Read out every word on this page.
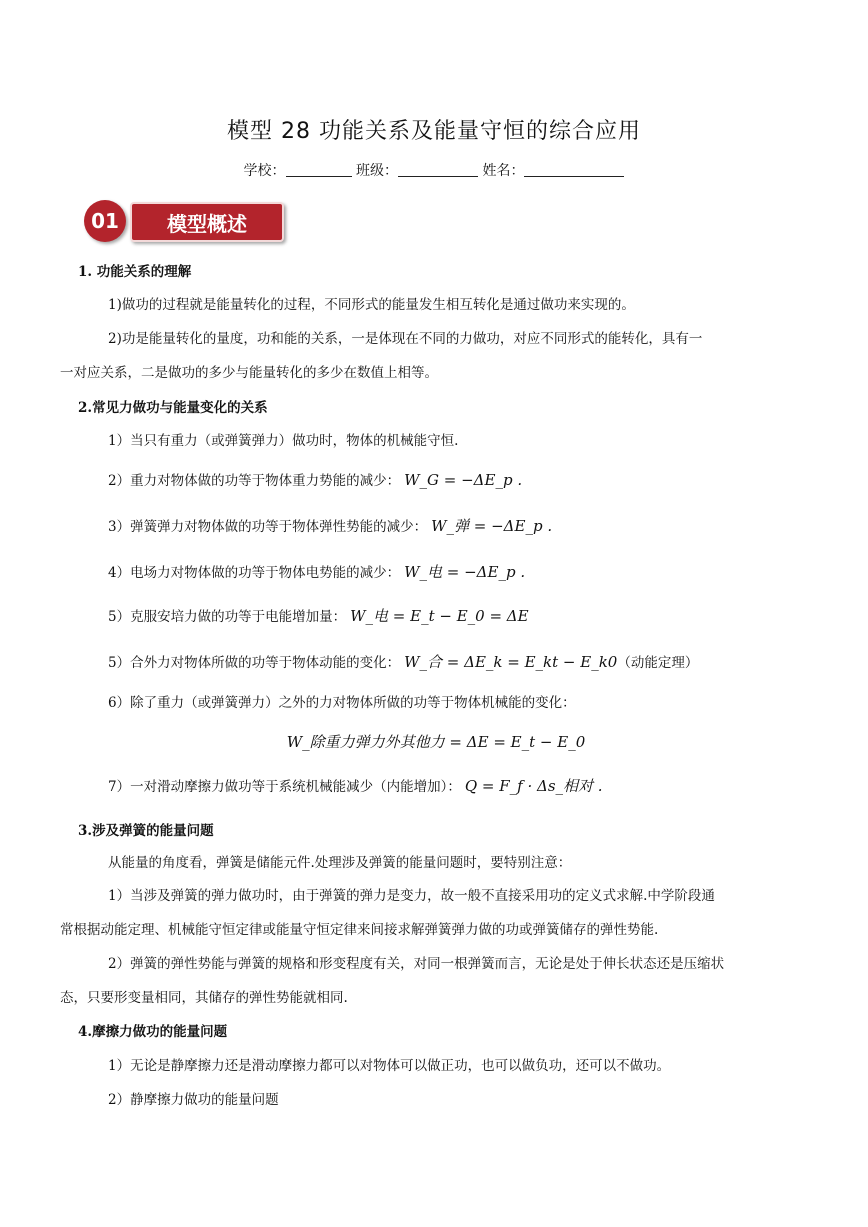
模型 28 功能关系及能量守恒的综合应用
学校：	班级：	姓名：
01	模型概述
1. 功能关系的理解
1)做功的过程就是能量转化的过程，不同形式的能量发生相互转化是通过做功来实现的。
2)功是能量转化的量度，功和能的关系，一是体现在不同的力做功，对应不同形式的能转化，具有一
一对应关系，二是做功的多少与能量转化的多少在数值上相等。
2.常见力做功与能量变化的关系
1）当只有重力（或弹簧弹力）做功时，物体的机械能守恒.
2）重力对物体做的功等于物体重力势能的减少： W_G = −ΔE_p .
3）弹簧弹力对物体做的功等于物体弹性势能的减少： W_弹 = −ΔE_p .
4）电场力对物体做的功等于物体电势能的减少： W_电 = −ΔE_p .
5）克服安培力做的功等于电能增加量： W_电 = E_t − E_0 = ΔE
5）合外力对物体所做的功等于物体动能的变化： W_合 = ΔE_k = E_kt − E_k0（动能定理）
6）除了重力（或弹簧弹力）之外的力对物体所做的功等于物体机械能的变化：
W_除重力弹力外其他力 = ΔE = E_t − E_0
7）一对滑动摩擦力做功等于系统机械能减少（内能增加）： Q = F_f · Δs_相对 .
3.涉及弹簧的能量问题
从能量的角度看，弹簧是储能元件.处理涉及弹簧的能量问题时，要特别注意：
1）当涉及弹簧的弹力做功时，由于弹簧的弹力是变力，故一般不直接采用功的定义式求解.中学阶段通
常根据动能定理、机械能守恒定律或能量守恒定律来间接求解弹簧弹力做的功或弹簧储存的弹性势能.
2）弹簧的弹性势能与弹簧的规格和形变程度有关，对同一根弹簧而言，无论是处于伸长状态还是压缩状
态，只要形变量相同，其储存的弹性势能就相同.
4.摩擦力做功的能量问题
1）无论是静摩擦力还是滑动摩擦力都可以对物体可以做正功，也可以做负功，还可以不做功。
2）静摩擦力做功的能量问题
